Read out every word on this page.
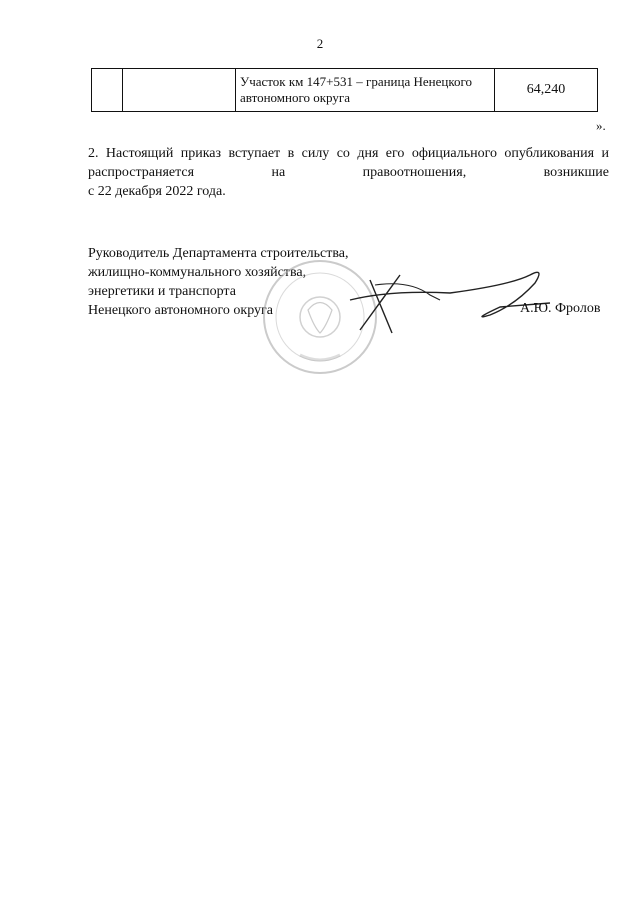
2
		Участок км 147+531 – граница Ненецкого автономного округа	64,240
».
2. Настоящий приказ вступает в силу со дня его официального опубликования и распространяется на правоотношения, возникшие
с 22 декабря 2022 года.
Руководитель Департамента строительства,
жилищно-коммунального хозяйства,
энергетики и транспорта
Ненецкого автономного округа	А.Ю. Фролов
